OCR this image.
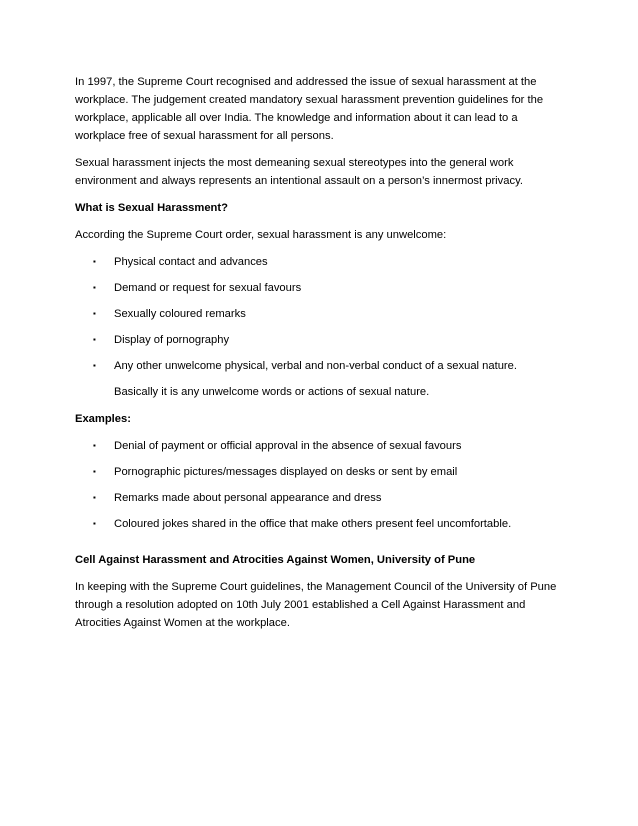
In 1997, the Supreme Court recognised and addressed the issue of sexual harassment at the workplace. The judgement created mandatory sexual harassment prevention guidelines for the workplace, applicable all over India. The knowledge and information about it can lead to a workplace free of sexual harassment for all persons.

Sexual harassment injects the most demeaning sexual stereotypes into the general work environment and always represents an intentional assault on a person’s innermost privacy.

What is Sexual Harassment?

According the Supreme Court order, sexual harassment is any unwelcome:

▪ Physical contact and advances
▪ Demand or request for sexual favours
▪ Sexually coloured remarks
▪ Display of pornography
▪ Any other unwelcome physical, verbal and non-verbal conduct of a sexual nature.

Basically it is any unwelcome words or actions of sexual nature.

Examples:

▪ Denial of payment or official approval in the absence of sexual favours
▪ Pornographic pictures/messages displayed on desks or sent by email
▪ Remarks made about personal appearance and dress
▪ Coloured jokes shared in the office that make others present feel uncomfortable.

Cell Against Harassment and Atrocities Against Women, University of Pune

In keeping with the Supreme Court guidelines, the Management Council of the University of Pune through a resolution adopted on 10th July 2001 established a Cell Against Harassment and Atrocities Against Women at the workplace.
